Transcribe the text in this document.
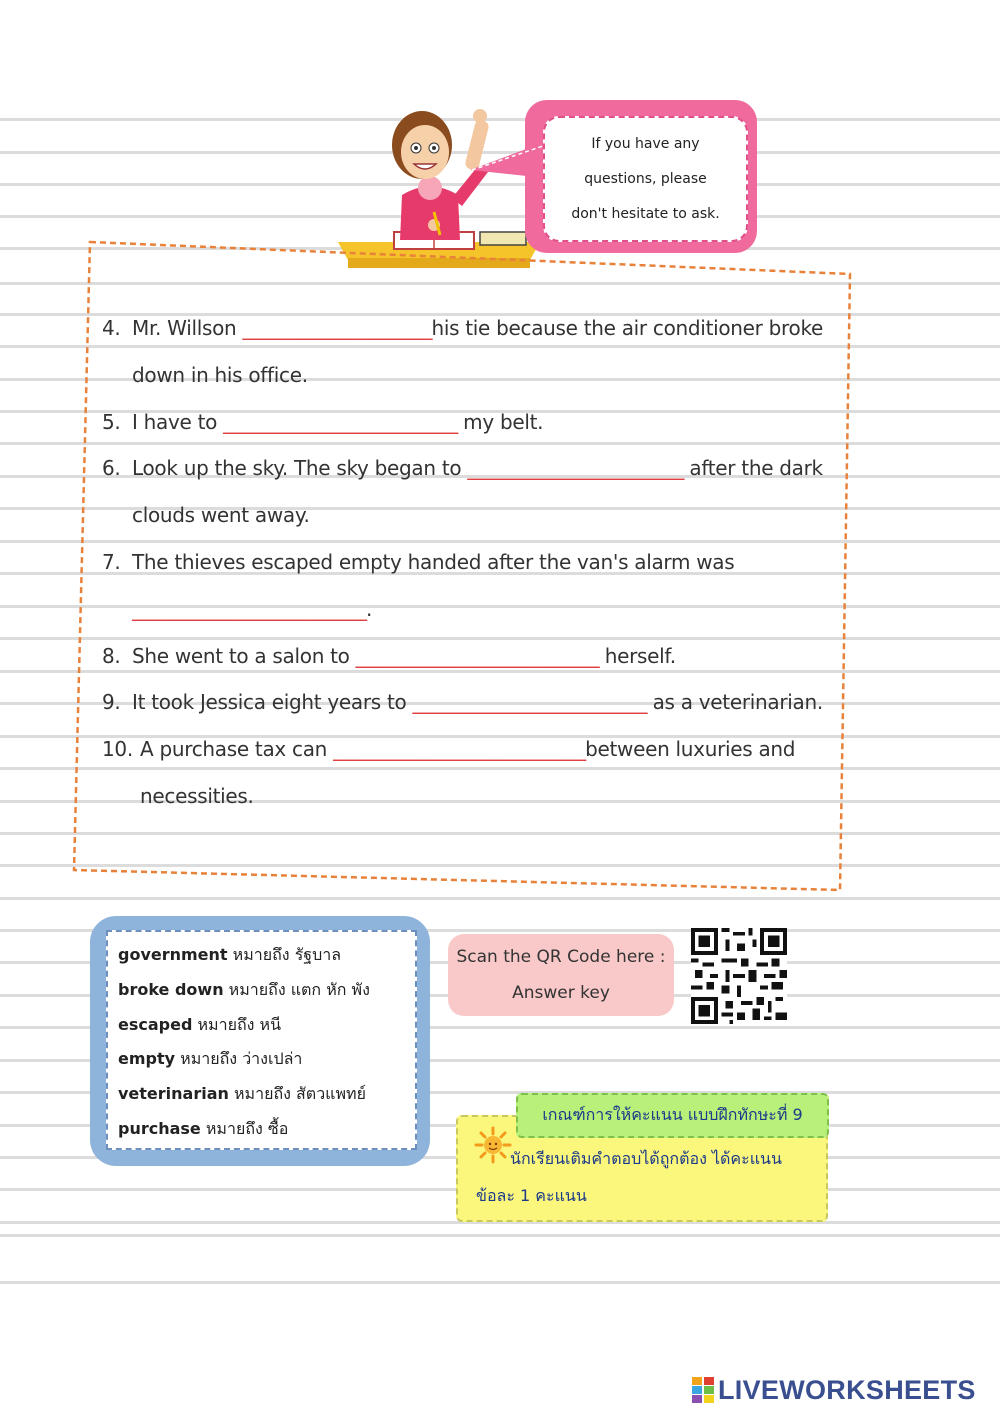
If you have any
questions, please
don't hesitate to ask.
4. Mr. Willson _____________________his tie because the air conditioner broke down in his office.
5. I have to __________________________ my belt.
6. Look up the sky. The sky began to ________________________ after the dark clouds went away.
7. The thieves escaped empty handed after the van's alarm was __________________________.
8. She went to a salon to ___________________________ herself.
9. It took Jessica eight years to __________________________ as a veterinarian.
10. A purchase tax can ____________________________between luxuries and necessities.
government หมายถึง รัฐบาล
broke down หมายถึง แตก หัก พัง
escaped หมายถึง หนี
empty หมายถึง ว่างเปล่า
veterinarian หมายถึง สัตวแพทย์
purchase หมายถึง ซื้อ
Scan the QR Code here :
Answer key
เกณฑ์การให้คะแนน แบบฝึกทักษะที่ 9
นักเรียนเติมคำตอบได้ถูกต้อง ได้คะแนน
ข้อละ 1 คะแนน
LIVEWORKSHEETS
